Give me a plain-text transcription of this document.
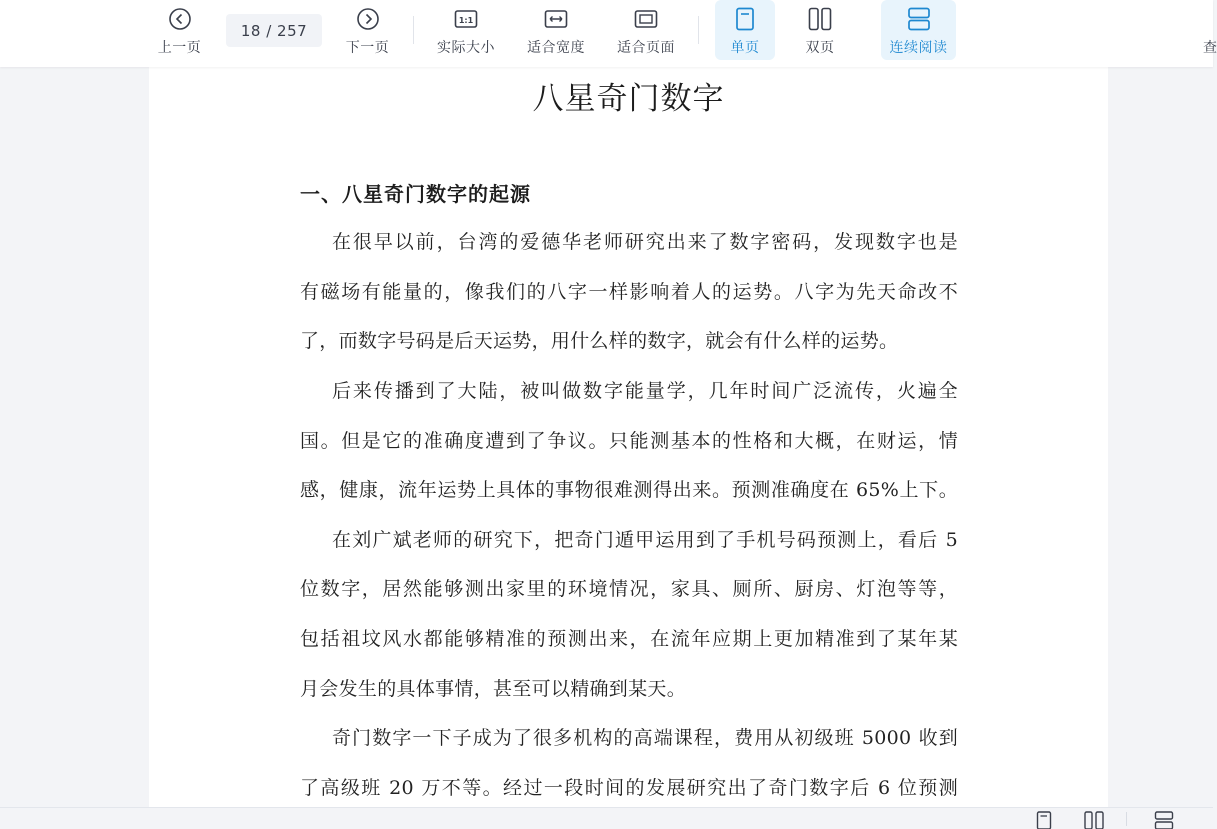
上一页
18 / 257
下一页
1:1
实际大小 适合宽度 适合页面	单页	双页	连续阅读	查
八星奇门数字
一、八星奇门数字的起源
在很早以前，台湾的爱德华老师研究出来了数字密码，发现数字也是
有磁场有能量的，像我们的八字一样影响着人的运势。八字为先天命改不
了，而数字号码是后天运势，用什么样的数字，就会有什么样的运势。
后来传播到了大陆，被叫做数字能量学，几年时间广泛流传，火遍全
国。但是它的准确度遭到了争议。只能测基本的性格和大概，在财运，情
感，健康，流年运势上具体的事物很难测得出来。预测准确度在 65%上下。
在刘广斌老师的研究下，把奇门遁甲运用到了手机号码预测上，看后 5
位数字，居然能够测出家里的环境情况，家具、厕所、厨房、灯泡等等，
包括祖坟风水都能够精准的预测出来，在流年应期上更加精准到了某年某
月会发生的具体事情，甚至可以精确到某天。
奇门数字一下子成为了很多机构的高端课程，费用从初级班 5000 收到
了高级班 20 万不等。经过一段时间的发展研究出了奇门数字后 6 位预测
